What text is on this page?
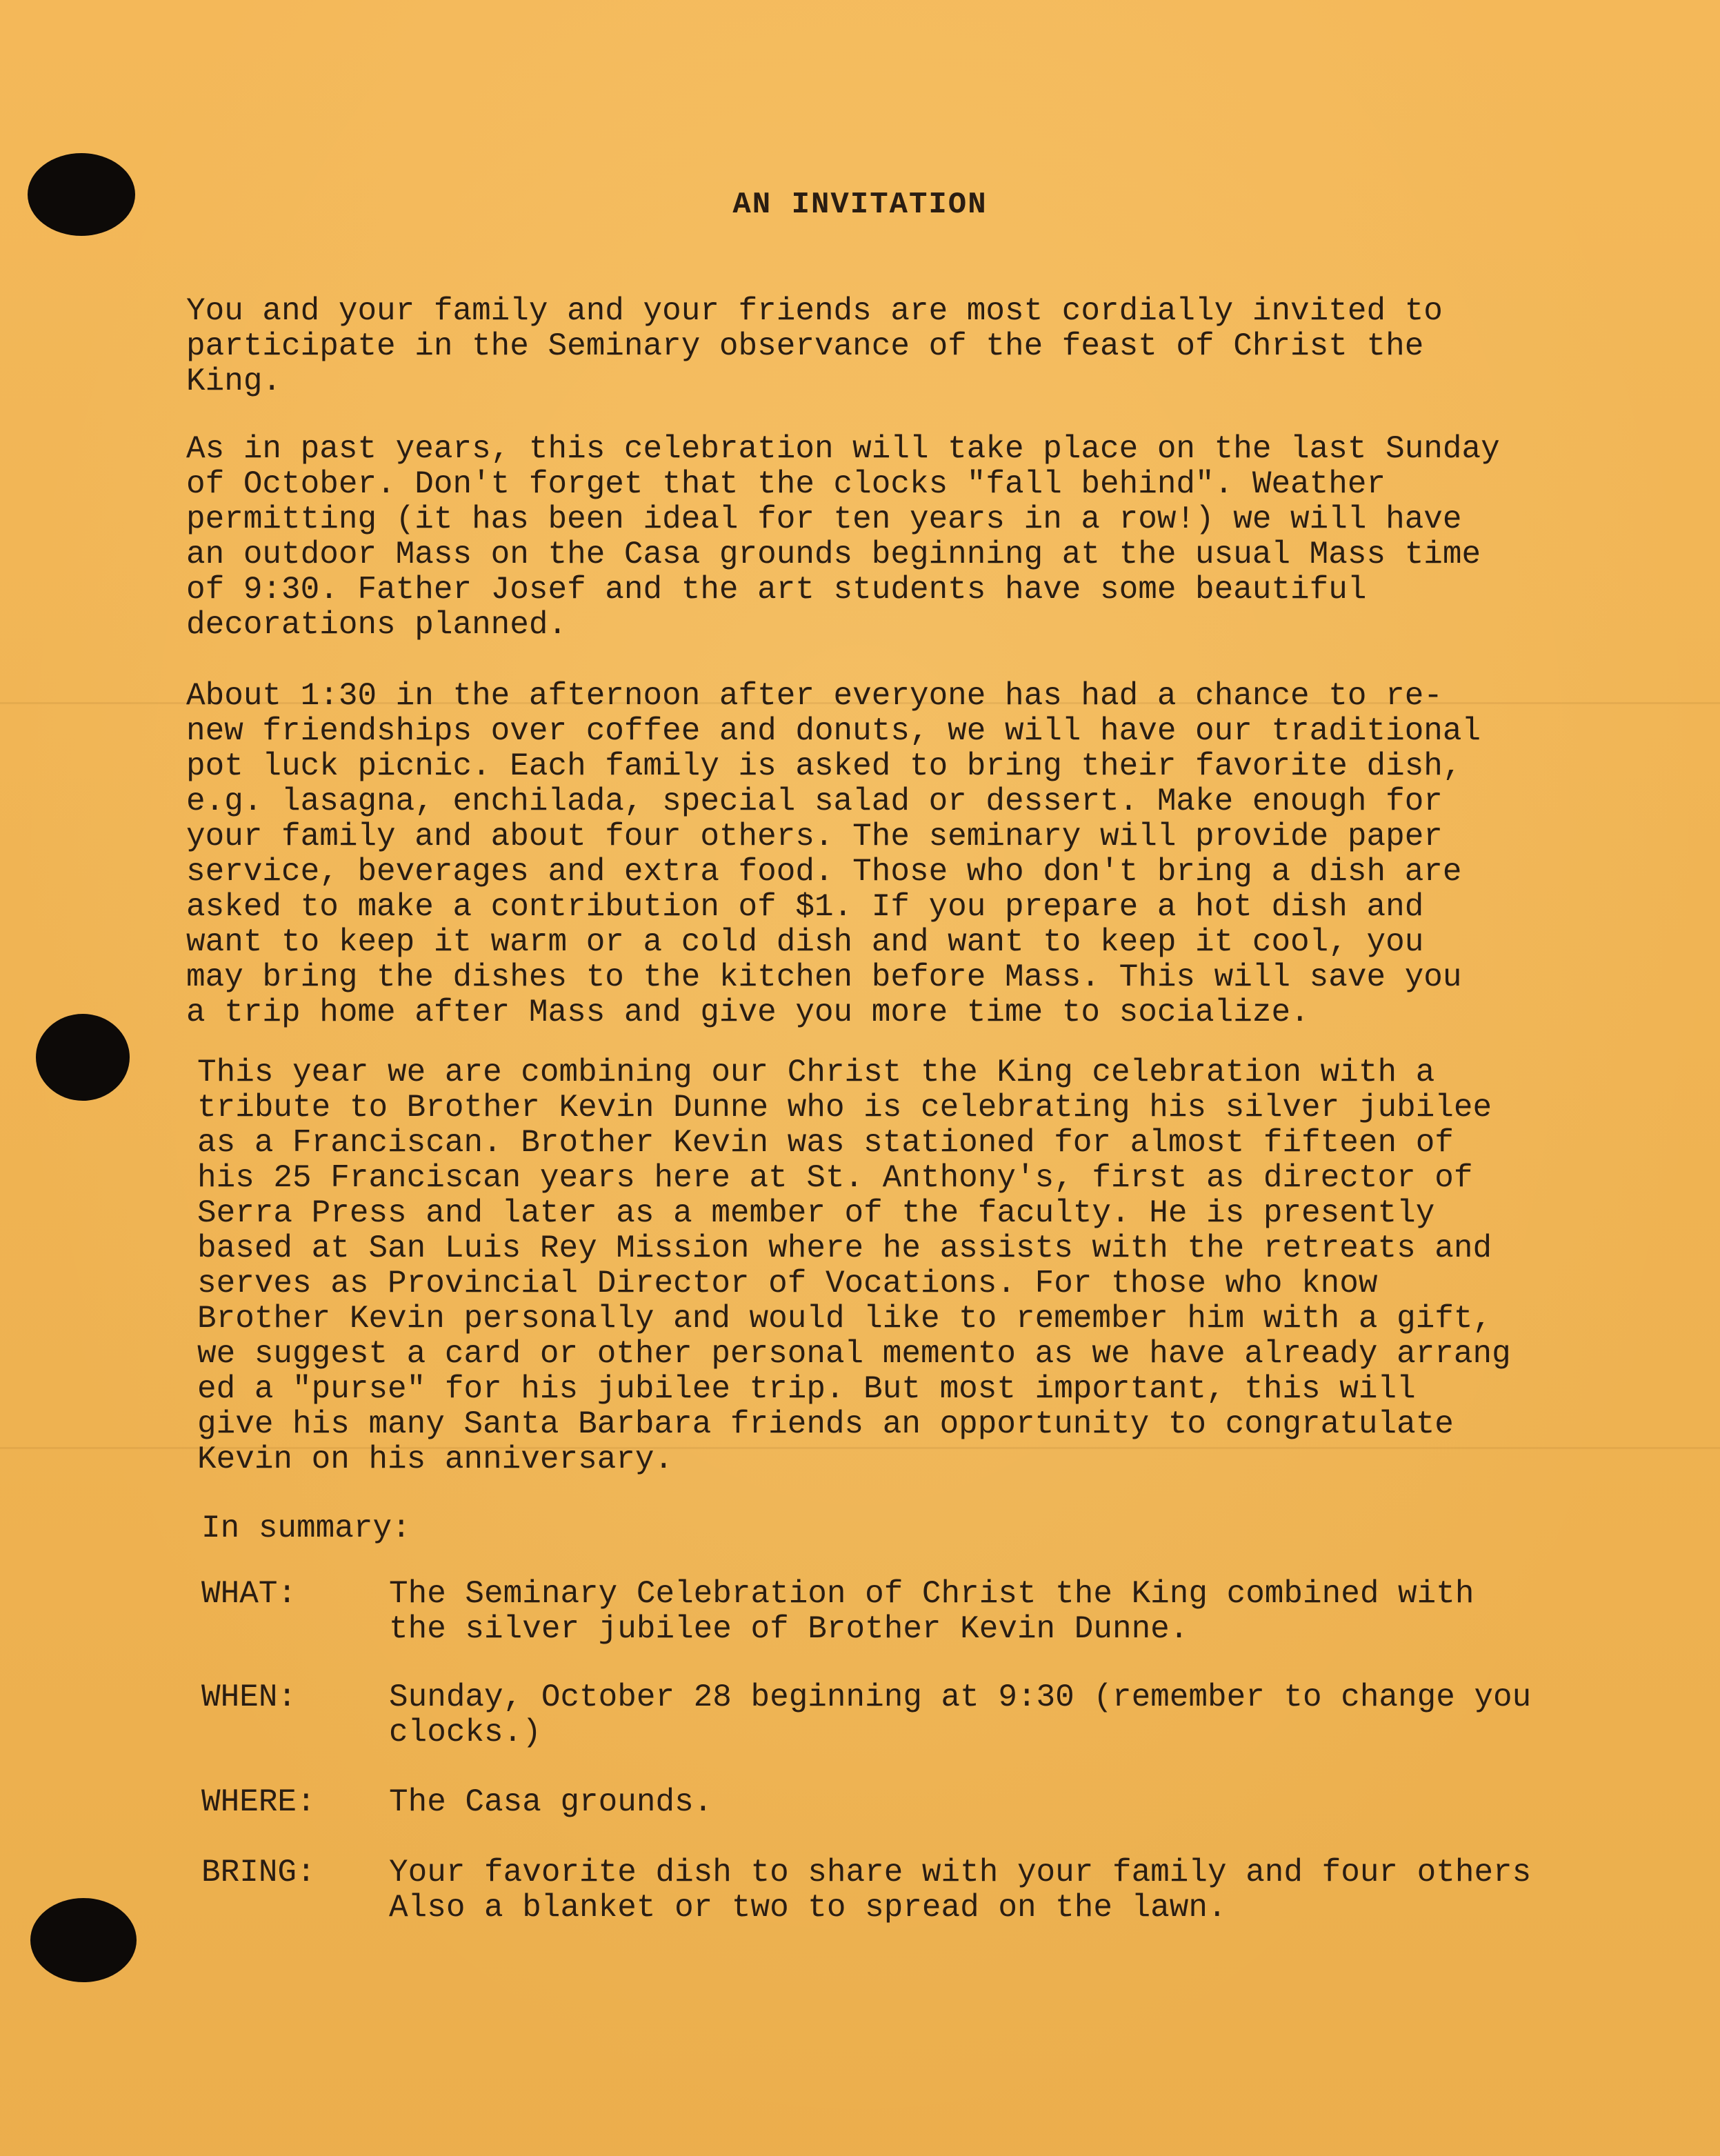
AN INVITATION

You and your family and your friends are most cordially invited to
participate in the Seminary observance of the feast of Christ the
King.

As in past years, this celebration will take place on the last Sunday
of October. Don't forget that the clocks "fall behind". Weather
permitting (it has been ideal for ten years in a row!) we will have
an outdoor Mass on the Casa grounds beginning at the usual Mass time
of 9:30. Father Josef and the art students have some beautiful
decorations planned.

About 1:30 in the afternoon after everyone has had a chance to re-
new friendships over coffee and donuts, we will have our traditional
pot luck picnic. Each family is asked to bring their favorite dish,
e.g. lasagna, enchilada, special salad or dessert. Make enough for
your family and about four others. The seminary will provide paper
service, beverages and extra food. Those who don't bring a dish are
asked to make a contribution of $1. If you prepare a hot dish and
want to keep it warm or a cold dish and want to keep it cool, you
may bring the dishes to the kitchen before Mass. This will save you
a trip home after Mass and give you more time to socialize.

This year we are combining our Christ the King celebration with a
tribute to Brother Kevin Dunne who is celebrating his silver jubilee
as a Franciscan. Brother Kevin was stationed for almost fifteen of
his 25 Franciscan years here at St. Anthony's, first as director of
Serra Press and later as a member of the faculty. He is presently
based at San Luis Rey Mission where he assists with the retreats and
serves as Provincial Director of Vocations. For those who know
Brother Kevin personally and would like to remember him with a gift,
we suggest a card or other personal memento as we have already arrang
ed a "purse" for his jubilee trip. But most important, this will
give his many Santa Barbara friends an opportunity to congratulate
Kevin on his anniversary.

In summary:

WHAT:	The Seminary Celebration of Christ the King combined with
the silver jubilee of Brother Kevin Dunne.
WHEN:	Sunday, October 28 beginning at 9:30 (remember to change you
clocks.)
WHERE: The Casa grounds.
BRING: Your favorite dish to share with your family and four others
Also a blanket or two to spread on the lawn.
